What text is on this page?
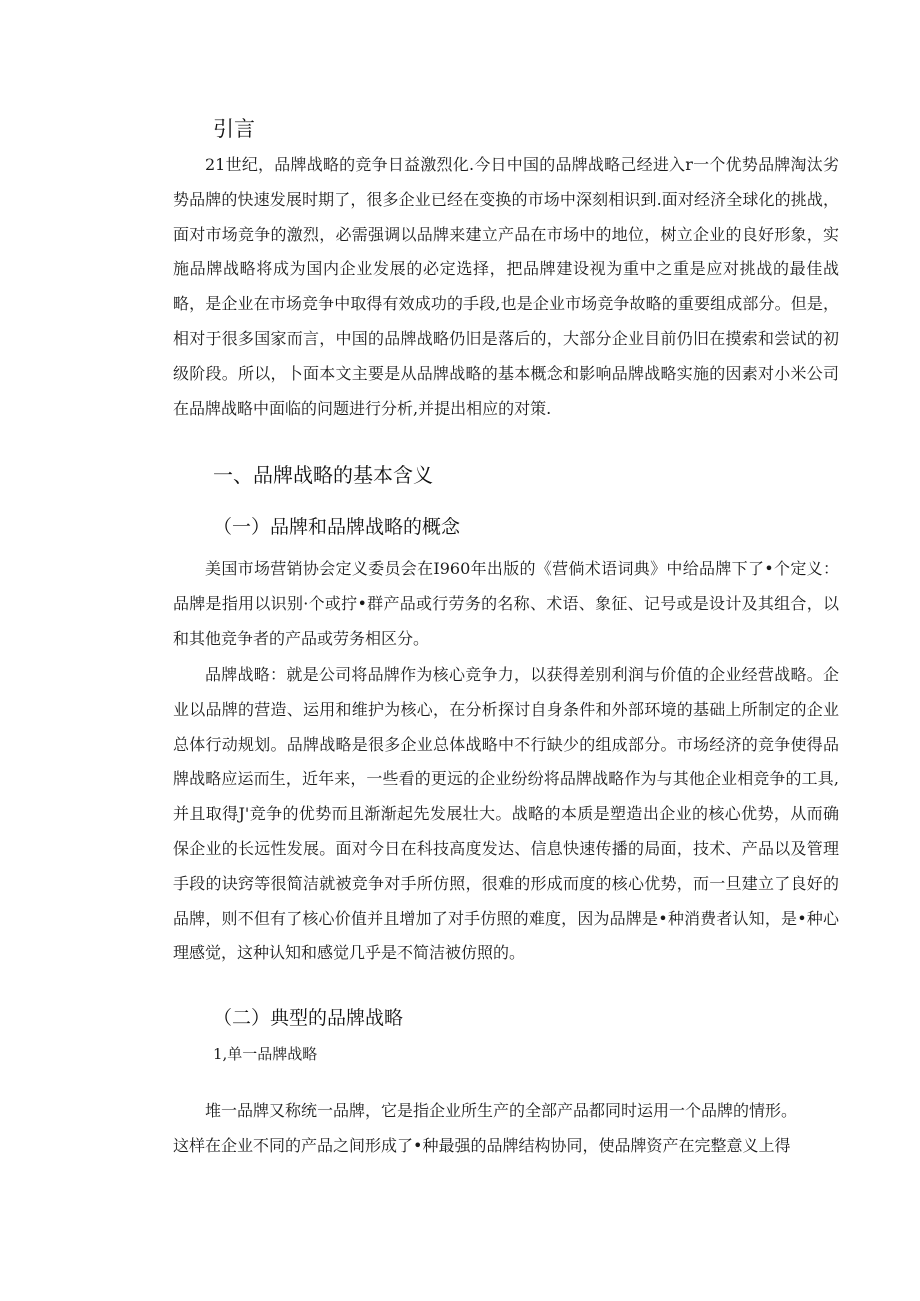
引言

21世纪，品牌战略的竞争日益激烈化.今日中国的品牌战略己经进入r一个优势品牌淘汰劣势品牌的快速发展时期了，很多企业已经在变换的市场中深刻相识到.面对经济全球化的挑战，面对市场竞争的激烈，必需强调以品牌来建立产品在市场中的地位，树立企业的良好形象，实施品牌战略将成为国内企业发展的必定选择，把品牌建设视为重中之重是应对挑战的最佳战略，是企业在市场竞争中取得有效成功的手段,也是企业市场竞争故略的重要组成部分。但是，相对于很多国家而言，中国的品牌战略仍旧是落后的，大部分企业目前仍旧在摸索和尝试的初级阶段。所以，卜面本文主要是从品牌战略的基本概念和影响品牌战略实施的因素对小米公司在品牌战略中面临的问题进行分析,并提出相应的对策.

一、品牌战略的基本含义
（一）品牌和品牌战略的概念

美国市场营销协会定义委员会在I960年出版的《营倘术语词典》中给品牌下了•个定义：品牌是指用以识别·个或拧•群产品或行劳务的名称、术语、象征、记号或是设计及其组合，以和其他竞争者的产品或劳务相区分。

品牌战略：就是公司将品牌作为核心竞争力，以获得差别利润与价值的企业经营战略。企业以品牌的营造、运用和维护为核心，在分析探讨自身条件和外部环境的基础上所制定的企业总体行动规划。品牌战略是很多企业总体战略中不行缺少的组成部分。市场经济的竞争使得品牌战略应运而生，近年来，一些看的更远的企业纷纷将品牌战略作为与其他企业相竞争的工具,并且取得J'竞争的优势而且渐渐起先发展壮大。战略的本质是塑造出企业的核心优势，从而确保企业的长远性发展。面对今日在科技高度发达、信息快速传播的局面，技术、产品以及管理手段的诀窍等很简洁就被竞争对手所仿照，很难的形成而度的核心优势，而一旦建立了良好的品牌，则不但有了核心价值并且增加了对手仿照的难度，因为品牌是•种消费者认知，是•种心理感觉，这种认知和感觉几乎是不简洁被仿照的。

（二）典型的品牌战略

1,单一品牌战略

堆一品牌又称统一品牌，它是指企业所生产的全部产品都同时运用一个品牌的情形。
这样在企业不同的产品之间形成了•种最强的品牌结构协同，使品牌资产在完整意义上得
